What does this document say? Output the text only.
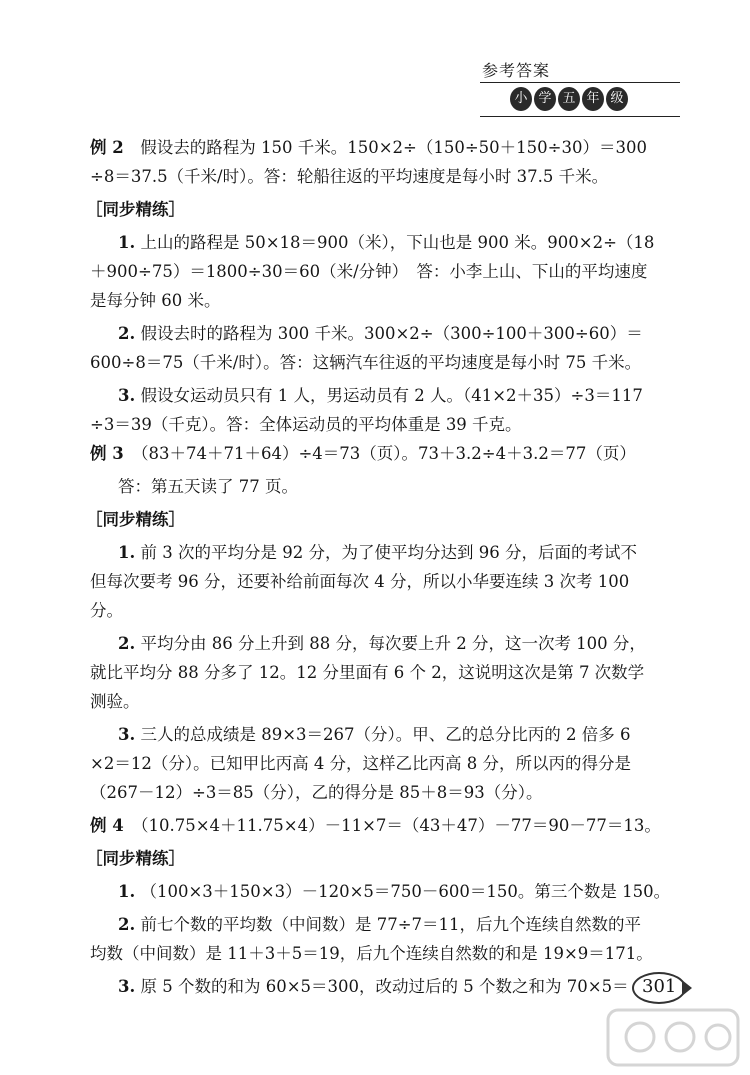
参考答案
小 学 五 年 级
例 2　假设去的路程为 150 千米。150×2÷（150÷50＋150÷30）＝300
÷8＝37.5（千米/时）。答：轮船往返的平均速度是每小时 37.5 千米。
［同步精练］
1. 上山的路程是 50×18＝900（米），下山也是 900 米。900×2÷（18
＋900÷75）＝1800÷30＝60（米/分钟）　答：小李上山、下山的平均速度
是每分钟 60 米。
2. 假设去时的路程为 300 千米。300×2÷（300÷100＋300÷60）＝
600÷8＝75（千米/时）。答：这辆汽车往返的平均速度是每小时 75 千米。
3. 假设女运动员只有 1 人，男运动员有 2 人。（41×2＋35）÷3＝117
÷3＝39（千克）。答：全体运动员的平均体重是 39 千克。
例 3　（83＋74＋71＋64）÷4＝73（页）。73＋3.2÷4＋3.2＝77（页）
答：第五天读了 77 页。
［同步精练］
1. 前 3 次的平均分是 92 分，为了使平均分达到 96 分，后面的考试不
但每次要考 96 分，还要补给前面每次 4 分，所以小华要连续 3 次考 100
分。
2. 平均分由 86 分上升到 88 分，每次要上升 2 分，这一次考 100 分，
就比平均分 88 分多了 12。12 分里面有 6 个 2，这说明这次是第 7 次数学
测验。
3. 三人的总成绩是 89×3＝267（分）。甲、乙的总分比丙的 2 倍多 6
×2＝12（分）。已知甲比丙高 4 分，这样乙比丙高 8 分，所以丙的得分是
（267－12）÷3＝85（分），乙的得分是 85＋8＝93（分）。
例 4　（10.75×4＋11.75×4）－11×7＝（43＋47）－77＝90－77＝13。
［同步精练］
1. （100×3＋150×3）－120×5＝750－600＝150。第三个数是 150。
2. 前七个数的平均数（中间数）是 77÷7＝11，后九个连续自然数的平
均数（中间数）是 11＋3＋5＝19，后九个连续自然数的和是 19×9＝171。
3. 原 5 个数的和为 60×5＝300，改动过后的 5 个数之和为 70×5＝ 301
